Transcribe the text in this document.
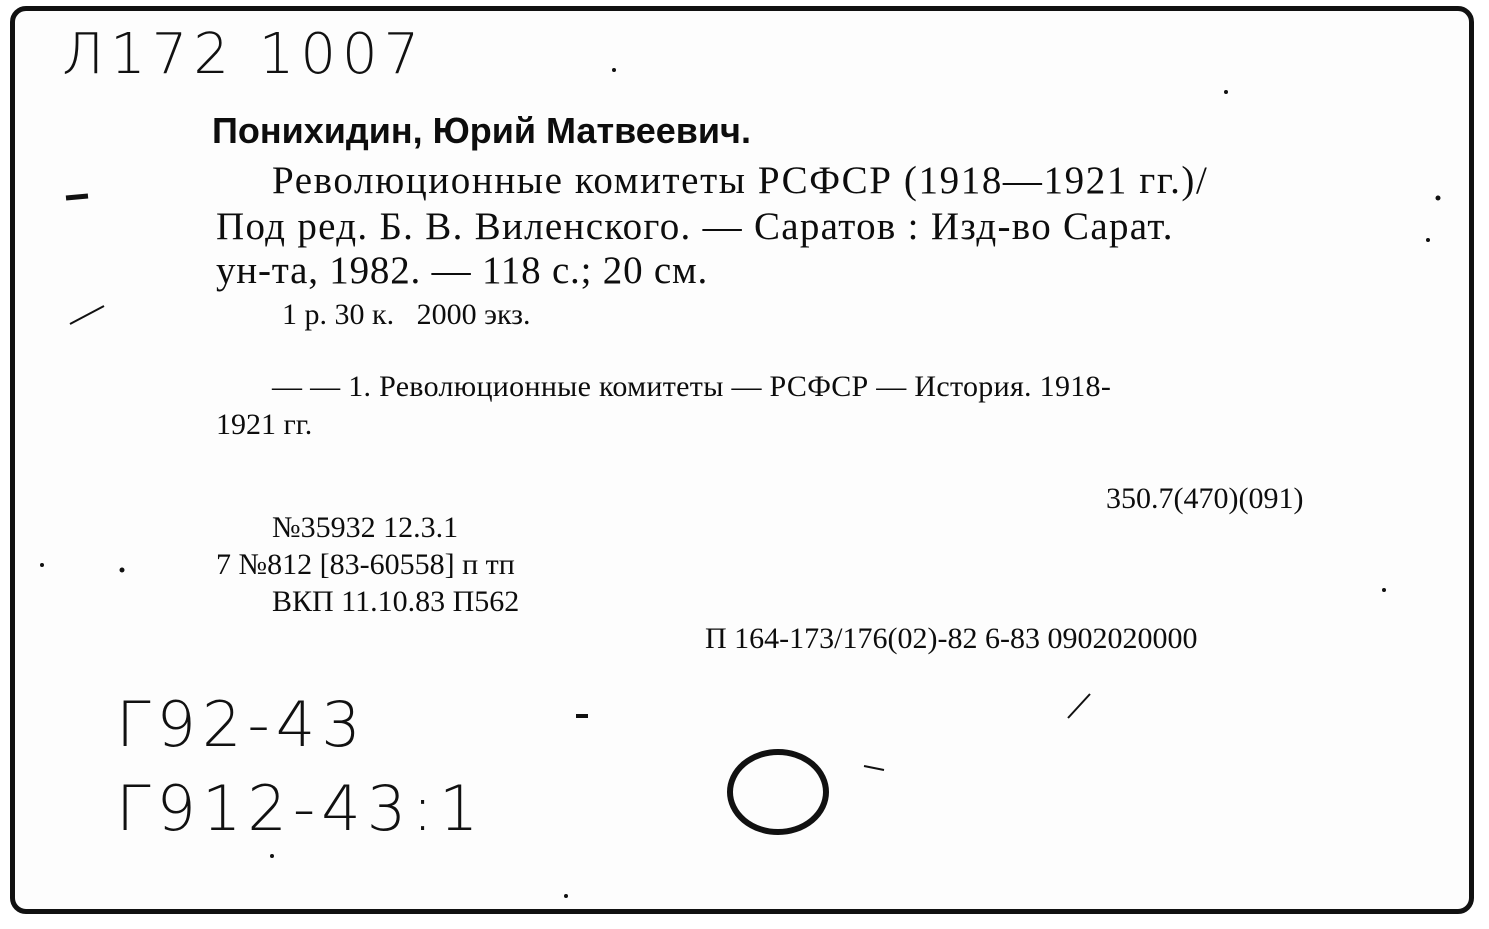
Л172 1007
Понихидин, Юрий Матвеевич.
Революционные комитеты РСФСР (1918—1921 гг.)/
Под ред. Б. В. Виленского. — Саратов : Изд-во Сарат.
ун-та, 1982. — 118 с.; 20 см.
1 р. 30 к.   2000 экз.
— — 1. Революционные комитеты — РСФСР — История. 1918-
1921 гг.
350.7(470)(091)
№35932 12.3.1
7 №812 [83-60558] п тп
ВКП 11.10.83 П562
П 164-173/176(02)-82 6-83 0902020000
Г92-43
Г912-43:1
